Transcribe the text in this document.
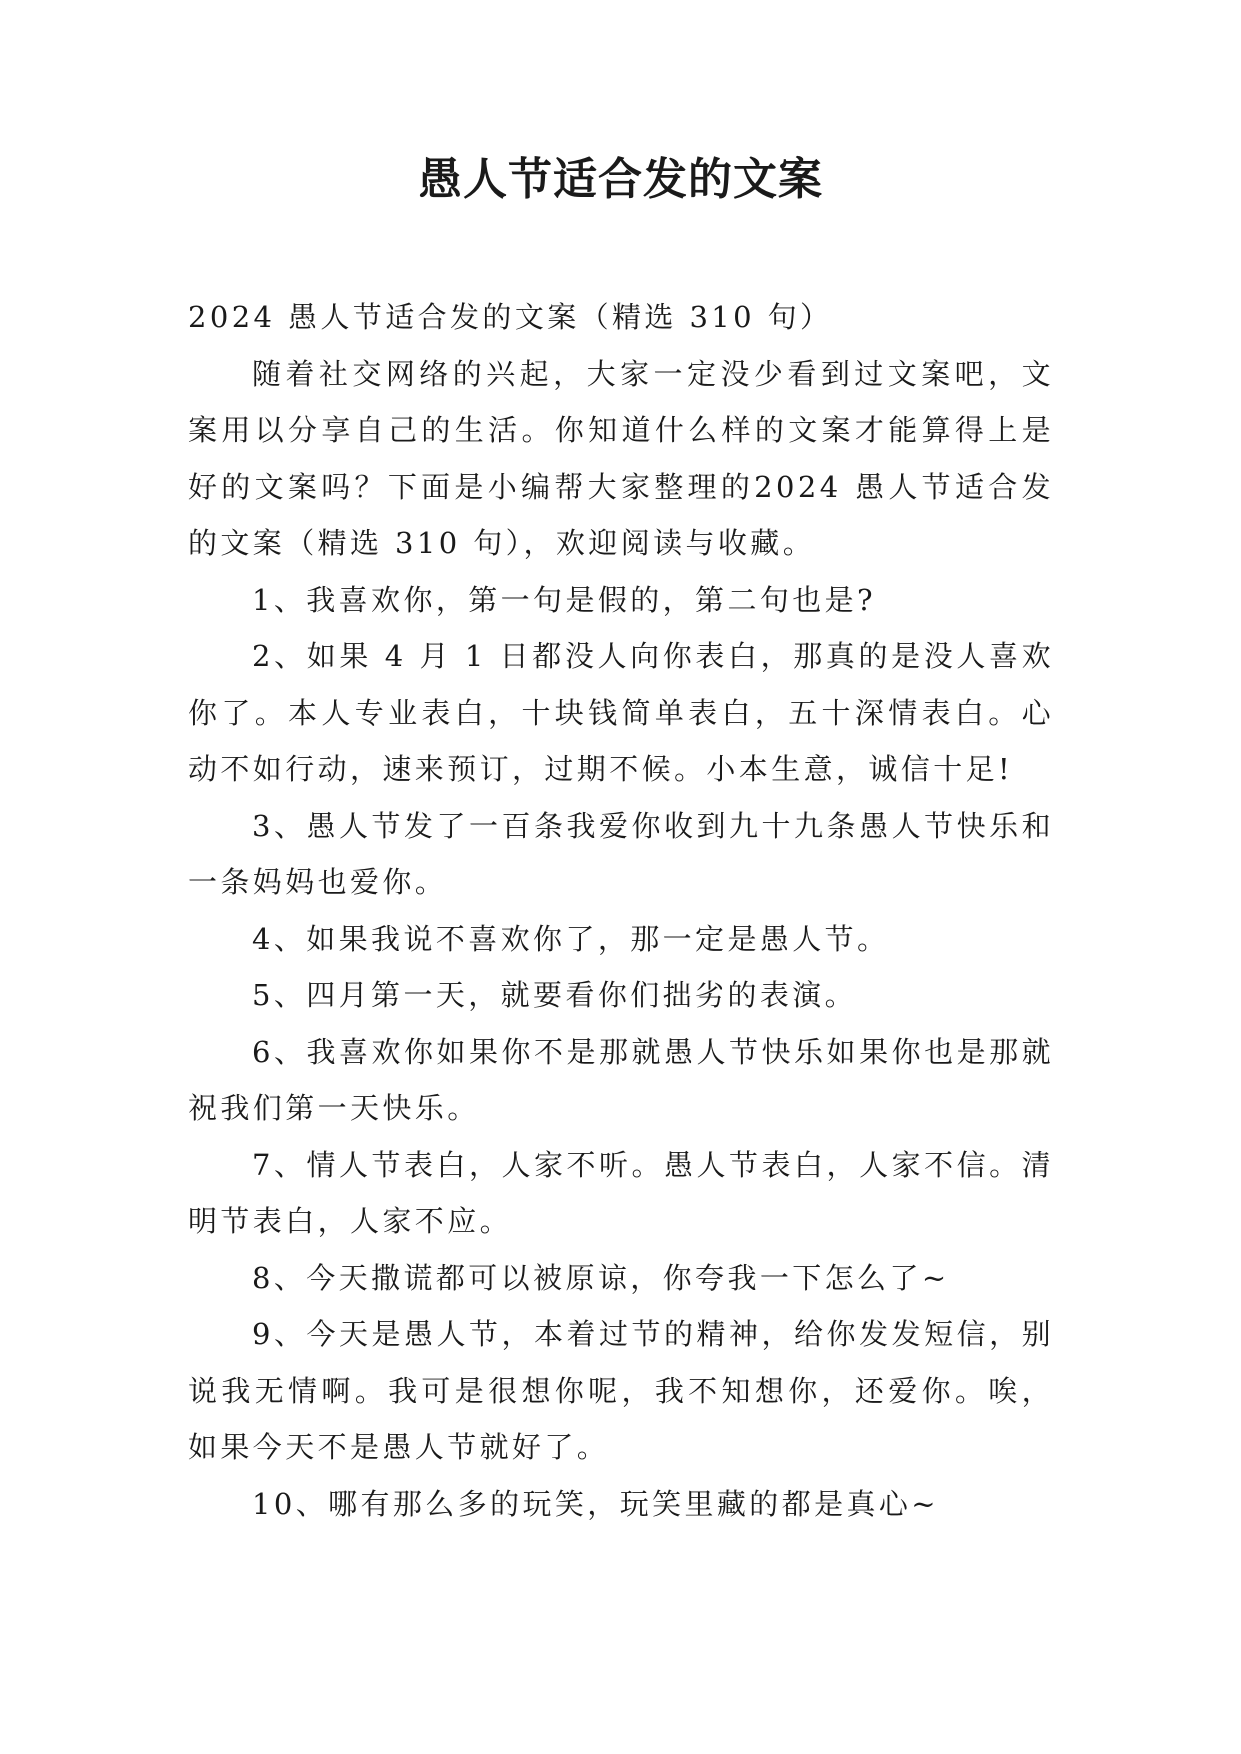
愚人节适合发的文案

2024 愚人节适合发的文案（精选 310 句）

随着社交网络的兴起，大家一定没少看到过文案吧，文案用以分享自己的生活。你知道什么样的文案才能算得上是好的文案吗？下面是小编帮大家整理的2024 愚人节适合发的文案（精选 310 句），欢迎阅读与收藏。

1、我喜欢你，第一句是假的，第二句也是?

2、如果 4 月 1 日都没人向你表白，那真的是没人喜欢你了。本人专业表白，十块钱简单表白，五十深情表白。心动不如行动，速来预订，过期不候。小本生意，诚信十足!

3、愚人节发了一百条我爱你收到九十九条愚人节快乐和一条妈妈也爱你。

4、如果我说不喜欢你了，那一定是愚人节。

5、四月第一天，就要看你们拙劣的表演。

6、我喜欢你如果你不是那就愚人节快乐如果你也是那就祝我们第一天快乐。

7、情人节表白，人家不听。愚人节表白，人家不信。清明节表白，人家不应。

8、今天撒谎都可以被原谅，你夸我一下怎么了~

9、今天是愚人节，本着过节的精神，给你发发短信，别说我无情啊。我可是很想你呢，我不知想你，还爱你。唉，如果今天不是愚人节就好了。

10、哪有那么多的玩笑，玩笑里藏的都是真心~
